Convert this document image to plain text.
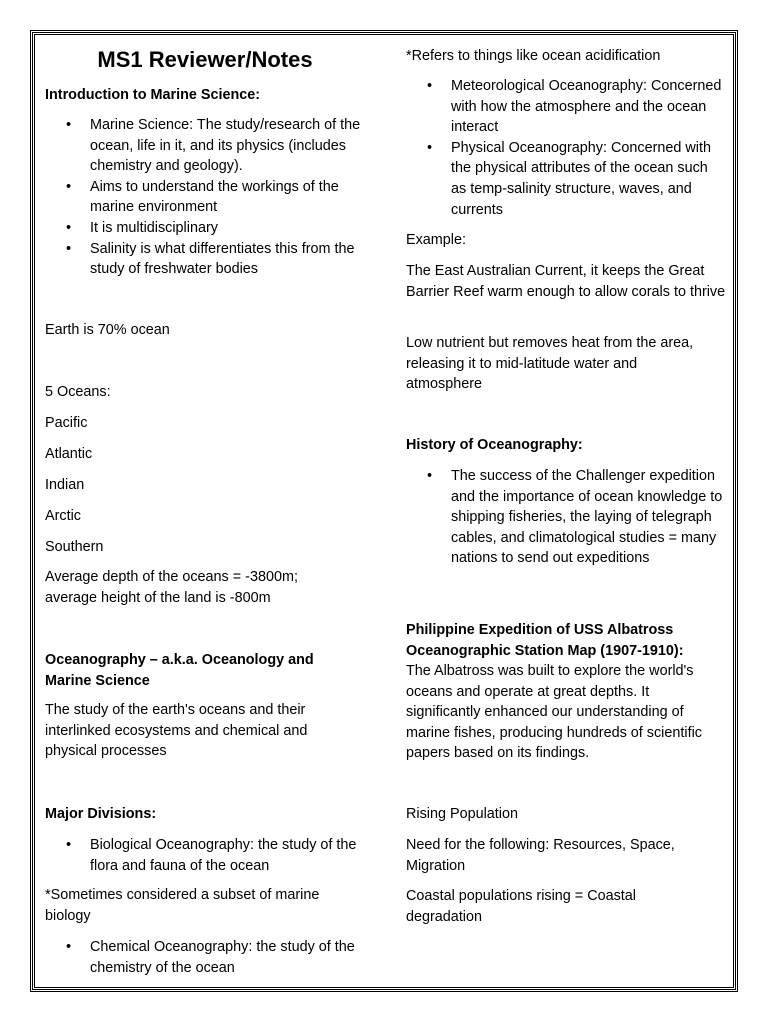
MS1 Reviewer/Notes

Introduction to Marine Science:

• Marine Science: The study/research of the ocean, life in it, and its physics (includes chemistry and geology).
• Aims to understand the workings of the marine environment
• It is multidisciplinary
• Salinity is what differentiates this from the study of freshwater bodies

Earth is 70% ocean

5 Oceans:

Pacific

Atlantic

Indian

Arctic

Southern

Average depth of the oceans = -3800m; average height of the land is -800m

Oceanography – a.k.a. Oceanology and Marine Science

The study of the earth's oceans and their interlinked ecosystems and chemical and physical processes

Major Divisions:

• Biological Oceanography: the study of the flora and fauna of the ocean

*Sometimes considered a subset of marine biology

• Chemical Oceanography: the study of the chemistry of the ocean

*Refers to things like ocean acidification

• Meteorological Oceanography: Concerned with how the atmosphere and the ocean interact
• Physical Oceanography: Concerned with the physical attributes of the ocean such as temp-salinity structure, waves, and currents

Example:

The East Australian Current, it keeps the Great Barrier Reef warm enough to allow corals to thrive

Low nutrient but removes heat from the area, releasing it to mid-latitude water and atmosphere

History of Oceanography:

• The success of the Challenger expedition and the importance of ocean knowledge to shipping fisheries, the laying of telegraph cables, and climatological studies = many nations to send out expeditions

Philippine Expedition of USS Albatross Oceanographic Station Map (1907-1910):

The Albatross was built to explore the world's oceans and operate at great depths. It significantly enhanced our understanding of marine fishes, producing hundreds of scientific papers based on its findings.

Rising Population

Need for the following: Resources, Space, Migration

Coastal populations rising = Coastal degradation
